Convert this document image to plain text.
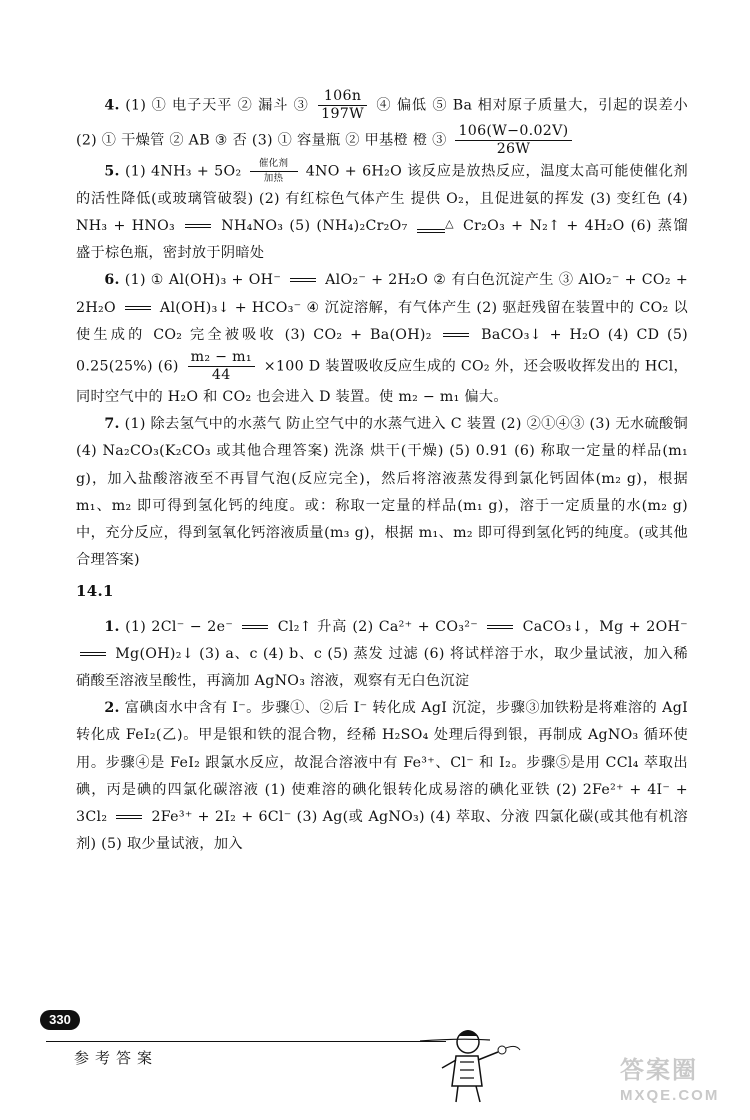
4. (1) ① 电子天平 ② 漏斗 ③ $\frac{106n}{197W}$ ④ 偏低 ⑤ Ba 相对原子质量大，引起的误差小 (2) ① 干燥管 ② AB ③ 否 (3) ① 容量瓶 ② 甲基橙 橙 ③ $\frac{106(W-0.02V)}{26W}$

5. (1) 4NH₃ + 5O₂	催化剂
加热	4NO + 6H₂O 该反应是放热反应，温度太高可能使催化剂的活性降低(或玻璃管破裂) (2) 有红棕色气体产生 提供 O₂，且促进氨的挥发 (3) 变红色 (4) NH₃ + HNO₃	NH₄NO₃ (5) (NH₄)₂Cr₂O₇	△ Cr₂O₃ + N₂↑ + 4H₂O (6) 蒸馏 盛于棕色瓶，密封放于阴暗处

6. (1) ① Al(OH)₃ + OH⁻	AlO₂⁻ + 2H₂O ② 有白色沉淀产生 ③ AlO₂⁻ + CO₂ + 2H₂O	Al(OH)₃↓ + HCO₃⁻ ④ 沉淀溶解，有气体产生 (2) 驱赶残留在装置中的 CO₂ 以使生成的 CO₂ 完全被吸收 (3) CO₂ + Ba(OH)₂	BaCO₃↓ + H₂O (4) CD (5) 0.25(25%) $(6) \frac{\text{m₂ − m₁}}{44} \times 100$ D 装置吸收反应生成的 CO₂ 外，还会吸收挥发出的 HCl，同时空气中的 H₂O 和 CO₂ 也会进入 D 装置。使 m₂ − m₁ 偏大。

7. (1) 除去氢气中的水蒸气 防止空气中的水蒸气进入 C 装置 (2) ②①④③ (3) 无水硫酸铜 (4) Na₂CO₃(K₂CO₃ 或其他合理答案) 洗涤 烘干(干燥) (5) 0.91 (6) 称取一定量的样品(m₁ g)，加入盐酸溶液至不再冒气泡(反应完全)，然后将溶液蒸发得到氯化钙固体(m₂ g)，根据 m₁、m₂ 即可得到氢化钙的纯度。或：称取一定量的样品(m₁ g)，溶于一定质量的水(m₂ g)中，充分反应，得到氢氧化钙溶液质量(m₃ g)，根据 m₁、m₂ 即可得到氢化钙的纯度。(或其他合理答案)

14.1

1. (1) 2Cl⁻ − 2e⁻	Cl₂↑ 升高 (2) Ca²⁺ + CO₃²⁻	CaCO₃↓，Mg + 2OH⁻  Mg(OH)₂↓ (3) a、c (4) b、c (5) 蒸发 过滤 (6) 将试样溶于水，取少量试液，加入稀硝酸至溶液呈酸性，再滴加 AgNO₃ 溶液，观察有无白色沉淀

2. 富碘卤水中含有 I⁻。步骤①、②后 I⁻ 转化成 AgI 沉淀，步骤③加铁粉是将难溶的 AgI 转化成 FeI₂(乙)。甲是银和铁的混合物，经稀 H₂SO₄ 处理后得到银，再制成 AgNO₃ 循环使用。步骤④是 FeI₂ 跟氯水反应，故混合溶液中有 Fe³⁺、Cl⁻ 和 I₂。步骤⑤是用 CCl₄ 萃取出碘，丙是碘的四氯化碳溶液 (1) 使难溶的碘化银转化成易溶的碘化亚铁 (2) 2Fe²⁺ + 4I⁻ + 3Cl₂	2Fe³⁺ + 2I₂ + 6Cl⁻ (3) Ag(或 AgNO₃) (4) 萃取、分液 四氯化碳(或其他有机溶剂) (5) 取少量试液，加入

330
参考答案	答案圈
MXQE.COM
